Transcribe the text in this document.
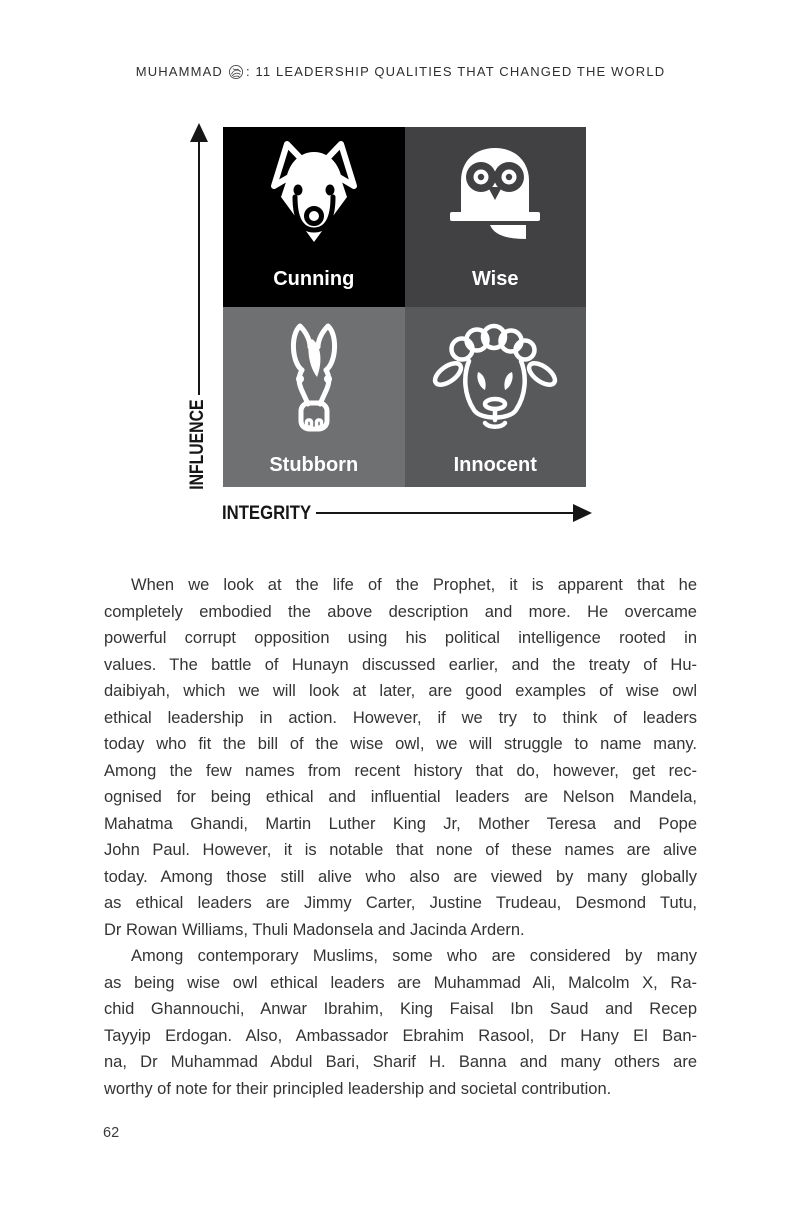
MUHAMMAD : 11 LEADERSHIP QUALITIES THAT CHANGED THE WORLD
Cunning	Wise
Stubborn	Innocent
INFLUENCE
INTEGRITY
When we look at the life of the Prophet, it is apparent that he
completely embodied the above description and more. He overcame
powerful corrupt opposition using his political intelligence rooted in
values. The battle of Hunayn discussed earlier, and the treaty of Hu-
daibiyah, which we will look at later, are good examples of wise owl
ethical leadership in action. However, if we try to think of leaders
today who fit the bill of the wise owl, we will struggle to name many.
Among the few names from recent history that do, however, get rec-
ognised for being ethical and influential leaders are Nelson Mandela,
Mahatma Ghandi, Martin Luther King Jr, Mother Teresa and Pope
John Paul. However, it is notable that none of these names are alive
today. Among those still alive who also are viewed by many globally
as ethical leaders are Jimmy Carter, Justine Trudeau, Desmond Tutu,
Dr Rowan Williams, Thuli Madonsela and Jacinda Ardern.
Among contemporary Muslims, some who are considered by many
as being wise owl ethical leaders are Muhammad Ali, Malcolm X, Ra-
chid Ghannouchi, Anwar Ibrahim, King Faisal Ibn Saud and Recep
Tayyip Erdogan. Also, Ambassador Ebrahim Rasool, Dr Hany El Ban-
na, Dr Muhammad Abdul Bari, Sharif H. Banna and many others are
worthy of note for their principled leadership and societal contribution.
62
